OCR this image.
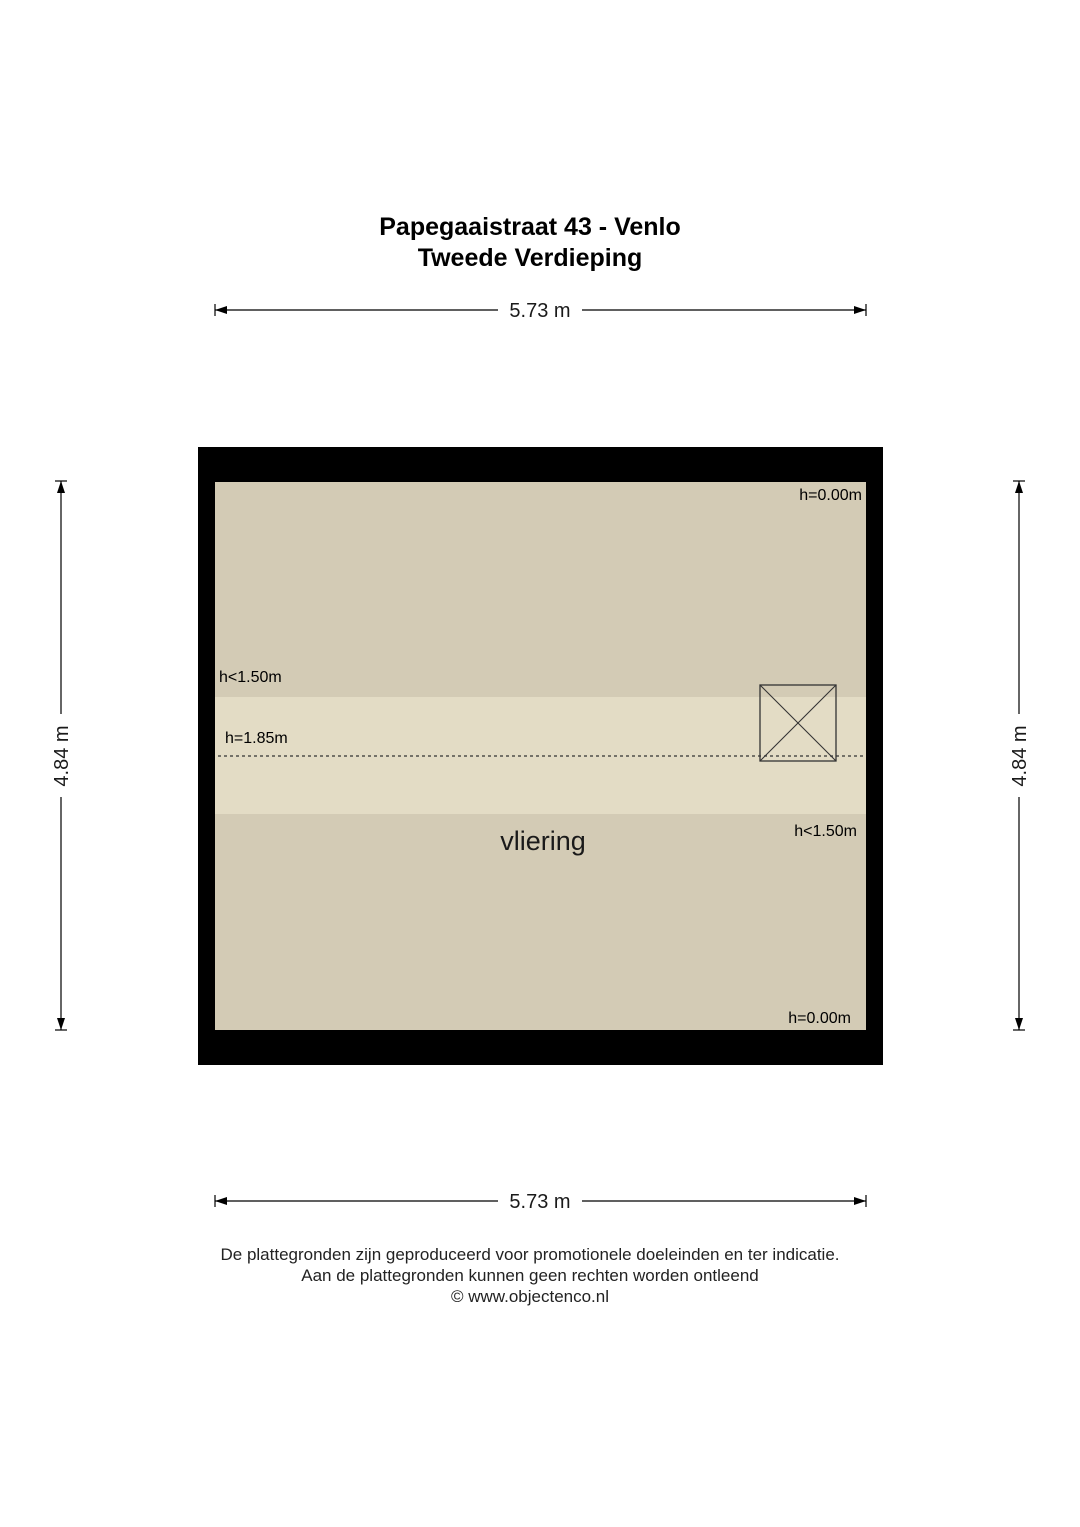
Papegaaistraat 43 - Venlo
Tweede Verdieping
5.73 m
5.73 m
4.84 m	4.84 m
h=0.00m
h<1.50m
h=1.85m
h<1.50m
h=0.00m
vliering
De plattegronden zijn geproduceerd voor promotionele doeleinden en ter indicatie.
Aan de plattegronden kunnen geen rechten worden ontleend
© www.objectenco.nl
